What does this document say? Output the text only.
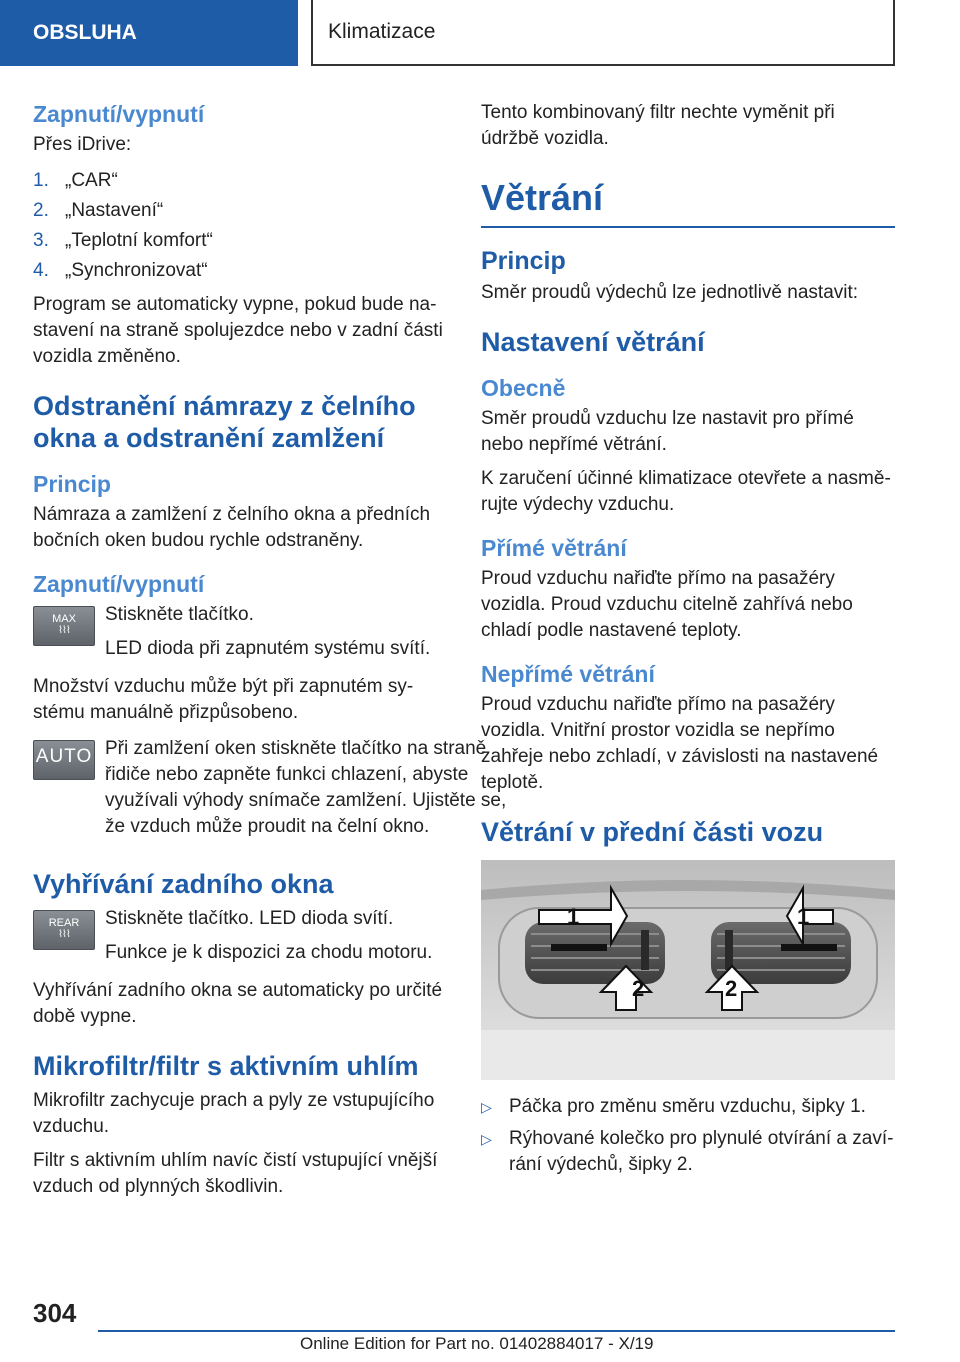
OBSLUHA	Klimatizace
Zapnutí/vypnutí

Přes iDrive:

1. „CAR“
2. „Nastavení“
3. „Teplotní komfort“
4. „Synchronizovat“

Program se automaticky vypne, pokud bude nastavení na straně spolujezdce nebo v zadní části vozidla změněno.

Odstranění námrazy z čelního okna a odstranění zamlžení
Princip

Námraza a zamlžení z čelního okna a předních bočních oken budou rychle odstraněny.

Zapnutí/vypnutí
MAX
⌇⌇⌇

Stiskněte tlačítko.

LED dioda při zapnutém systému svítí.

Množství vzduchu může být při zapnutém systému manuálně přizpůsobeno.

AUTO Při zamlžení oken stiskněte tlačítko na straně řidiče nebo zapněte funkci chlazení, abyste využívali výhody snímače zamlžení. Ujistěte se, že vzduch může proudit na čelní okno.

Vyhřívání zadního okna
REAR
⌇⌇⌇

Stiskněte tlačítko. LED dioda svítí.

Funkce je k dispozici za chodu motoru.

Vyhřívání zadního okna se automaticky po určité době vypne.

Mikrofiltr/filtr s aktivním uhlím

Mikrofiltr zachycuje prach a pyly ze vstupujícího vzduchu.

Filtr s aktivním uhlím navíc čistí vstupující vnější vzduch od plynných škodlivin.

Tento kombinovaný filtr nechte vyměnit při údržbě vozidla.

Větrání
Princip

Směr proudů výdechů lze jednotlivě nastavit:

Nastavení větrání
Obecně

Směr proudů vzduchu lze nastavit pro přímé nebo nepřímé větrání.

K zaručení účinné klimatizace otevřete a nasměrujte výdechy vzduchu.

Přímé větrání

Proud vzduchu nařiďte přímo na pasažéry vozidla. Proud vzduchu citelně zahřívá nebo chladí podle nastavené teploty.

Nepřímé větrání

Proud vzduchu nařiďte přímo na pasažéry vozidla. Vnitřní prostor vozidla se nepřímo zahřeje nebo zchladí, v závislosti na nastavené teplotě.

Větrání v přední části vozu
1	1
2	2
▷ Páčka pro změnu směru vzduchu, šipky 1.
▷ Rýhované kolečko pro plynulé otvírání a zavírání výdechů, šipky 2.
304
Online Edition for Part no. 01402884017 - X/19
